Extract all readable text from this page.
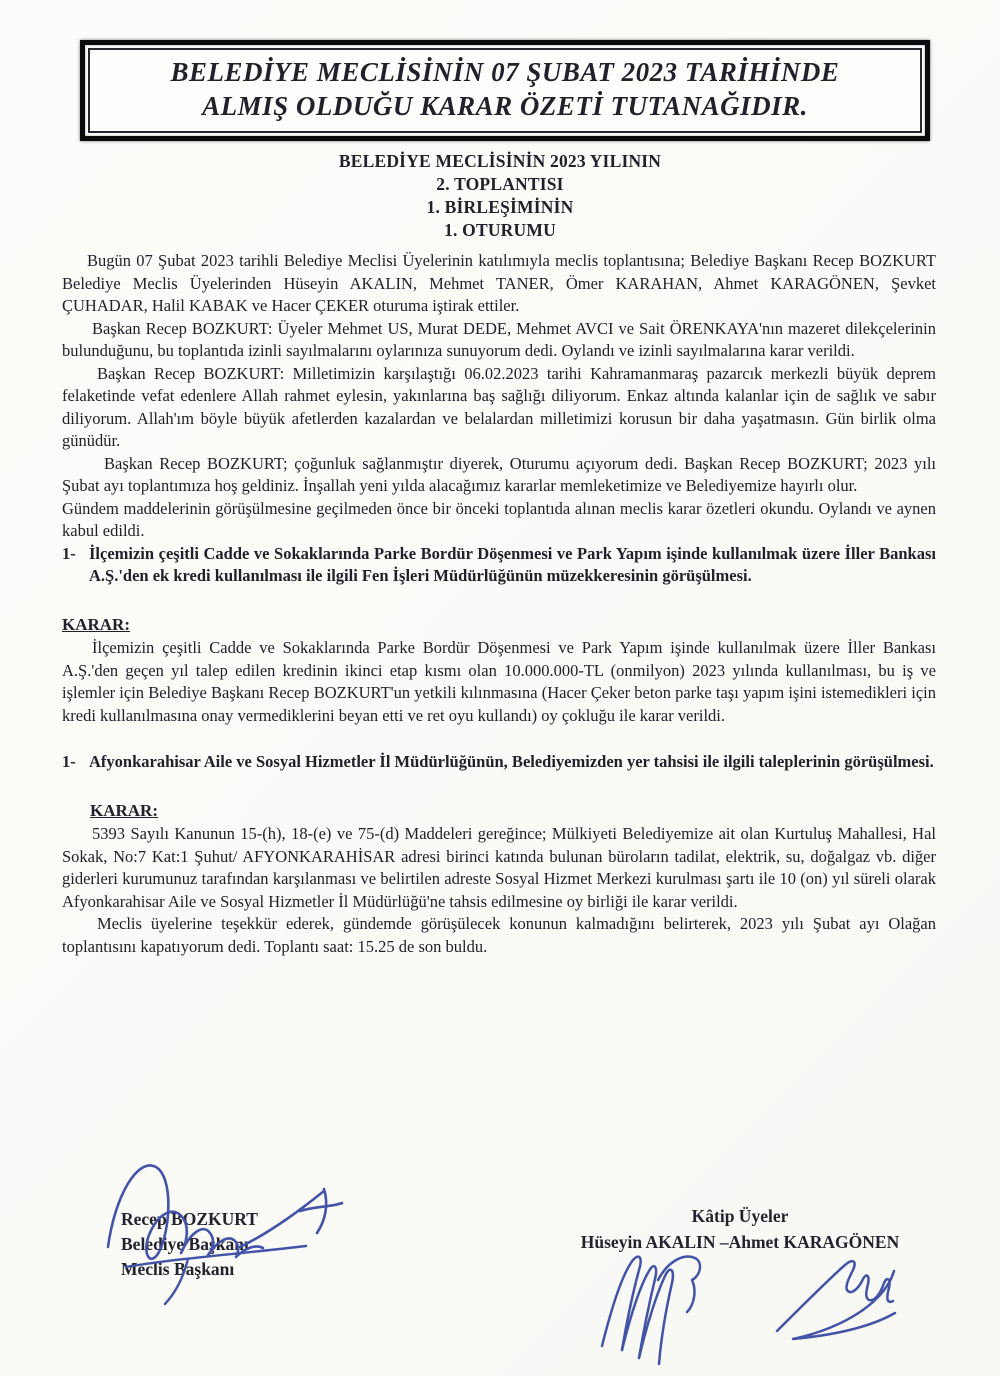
BELEDİYE MECLİSİNİN 07 ŞUBAT 2023 TARİHİNDE
ALMIŞ OLDUĞU KARAR ÖZETİ TUTANAĞIDIR.
BELEDİYE MECLİSİNİN 2023 YILININ
2. TOPLANTISI
1. BİRLEŞİMİNİN
1. OTURUMU

Bugün 07 Şubat 2023 tarihli Belediye Meclisi Üyelerinin katılımıyla meclis toplantısına; Belediye Başkanı Recep BOZKURT Belediye Meclis Üyelerinden Hüseyin AKALIN, Mehmet TANER, Ömer KARAHAN, Ahmet KARAGÖNEN, Şevket ÇUHADAR, Halil KABAK ve Hacer ÇEKER oturuma iştirak ettiler.

Başkan Recep BOZKURT: Üyeler Mehmet US, Murat DEDE, Mehmet AVCI ve Sait ÖRENKAYA'nın mazeret dilekçelerinin bulunduğunu, bu toplantıda izinli sayılmalarını oylarınıza sunuyorum dedi. Oylandı ve izinli sayılmalarına karar verildi.

Başkan Recep BOZKURT: Milletimizin karşılaştığı 06.02.2023 tarihi Kahramanmaraş pazarcık merkezli büyük deprem felaketinde vefat edenlere Allah rahmet eylesin, yakınlarına baş sağlığı diliyorum. Enkaz altında kalanlar için de sağlık ve sabır diliyorum. Allah'ım böyle büyük afetlerden kazalardan ve belalardan milletimizi korusun bir daha yaşatmasın. Gün birlik olma günüdür.

Başkan Recep BOZKURT; çoğunluk sağlanmıştır diyerek, Oturumu açıyorum dedi. Başkan Recep BOZKURT; 2023 yılı Şubat ayı toplantımıza hoş geldiniz. İnşallah yeni yılda alacağımız kararlar memleketimize ve Belediyemize hayırlı olur.

Gündem maddelerinin görüşülmesine geçilmeden önce bir önceki toplantıda alınan meclis karar özetleri okundu. Oylandı ve aynen kabul edildi.

1- İlçemizin çeşitli Cadde ve Sokaklarında Parke Bordür Döşenmesi ve Park Yapım işinde kullanılmak üzere İller Bankası A.Ş.'den ek kredi kullanılması ile ilgili Fen İşleri Müdürlüğünün müzekkeresinin görüşülmesi.

KARAR:

İlçemizin çeşitli Cadde ve Sokaklarında Parke Bordür Döşenmesi ve Park Yapım işinde kullanılmak üzere İller Bankası A.Ş.'den geçen yıl talep edilen kredinin ikinci etap kısmı olan 10.000.000-TL (onmilyon) 2023 yılında kullanılması, bu iş ve işlemler için Belediye Başkanı Recep BOZKURT'un yetkili kılınmasına (Hacer Çeker beton parke taşı yapım işini istemedikleri için kredi kullanılmasına onay vermediklerini beyan etti ve ret oyu kullandı) oy çokluğu ile karar verildi.

1- Afyonkarahisar Aile ve Sosyal Hizmetler İl Müdürlüğünün, Belediyemizden yer tahsisi ile ilgili taleplerinin görüşülmesi.

KARAR:

5393 Sayılı Kanunun 15-(h), 18-(e) ve 75-(d) Maddeleri gereğince; Mülkiyeti Belediyemize ait olan Kurtuluş Mahallesi, Hal Sokak, No:7 Kat:1 Şuhut/ AFYONKARAHİSAR adresi birinci katında bulunan büroların tadilat, elektrik, su, doğalgaz vb. diğer giderleri kurumunuz tarafından karşılanması ve belirtilen adreste Sosyal Hizmet Merkezi kurulması şartı ile 10 (on) yıl süreli olarak Afyonkarahisar Aile ve Sosyal Hizmetler İl Müdürlüğü'ne tahsis edilmesine oy birliği ile karar verildi.

Meclis üyelerine teşekkür ederek, gündemde görüşülecek konunun kalmadığını belirterek, 2023 yılı Şubat ayı Olağan toplantısını kapatıyorum dedi. Toplantı saat: 15.25 de son buldu.

Recep BOZKURT
Belediye Başkanı
Meclis Başkanı
Kâtip Üyeler
Hüseyin AKALIN –Ahmet KARAGÖNEN
